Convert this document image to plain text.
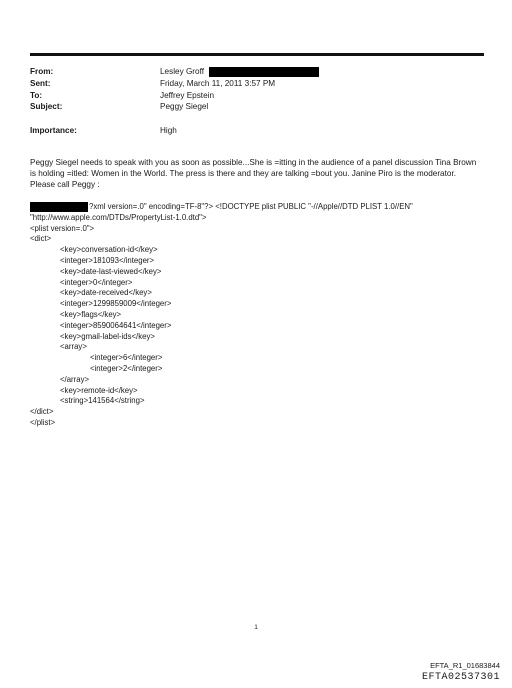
From:	Lesley Groff
Sent:	Friday, March 11, 2011 3:57 PM
To:	Jeffrey Epstein
Subject:	Peggy Siegel
Importance:	High

Peggy Siegel needs to speak with you as soon as possible...She is =itting in the audience of a panel discussion Tina Brown is holding =itled: Women in the World. The press is there and they are talking =bout you. Janine Piro is the moderator. Please call Peggy :

?xml version=.0" encoding=TF-8"?> <!DOCTYPE plist PUBLIC "-//Apple//DTD PLIST 1.0//EN"
"http://www.apple.com/DTDs/PropertyList-1.0.dtd">
<plist version=.0">
<dict>
<key>conversation-id</key>
<integer>181093</integer>
<key>date-last-viewed</key>
<integer>0</integer>
<key>date-received</key>
<integer>1299859009</integer>
<key>flags</key>
<integer>8590064641</integer>
<key>gmail-label-ids</key>
<array>
<integer>6</integer>
<integer>2</integer>
</array>
<key>remote-id</key>
<string>141564</string>
</dict>
</plist>
1
EFTA_R1_01683844
EFTA02537301
